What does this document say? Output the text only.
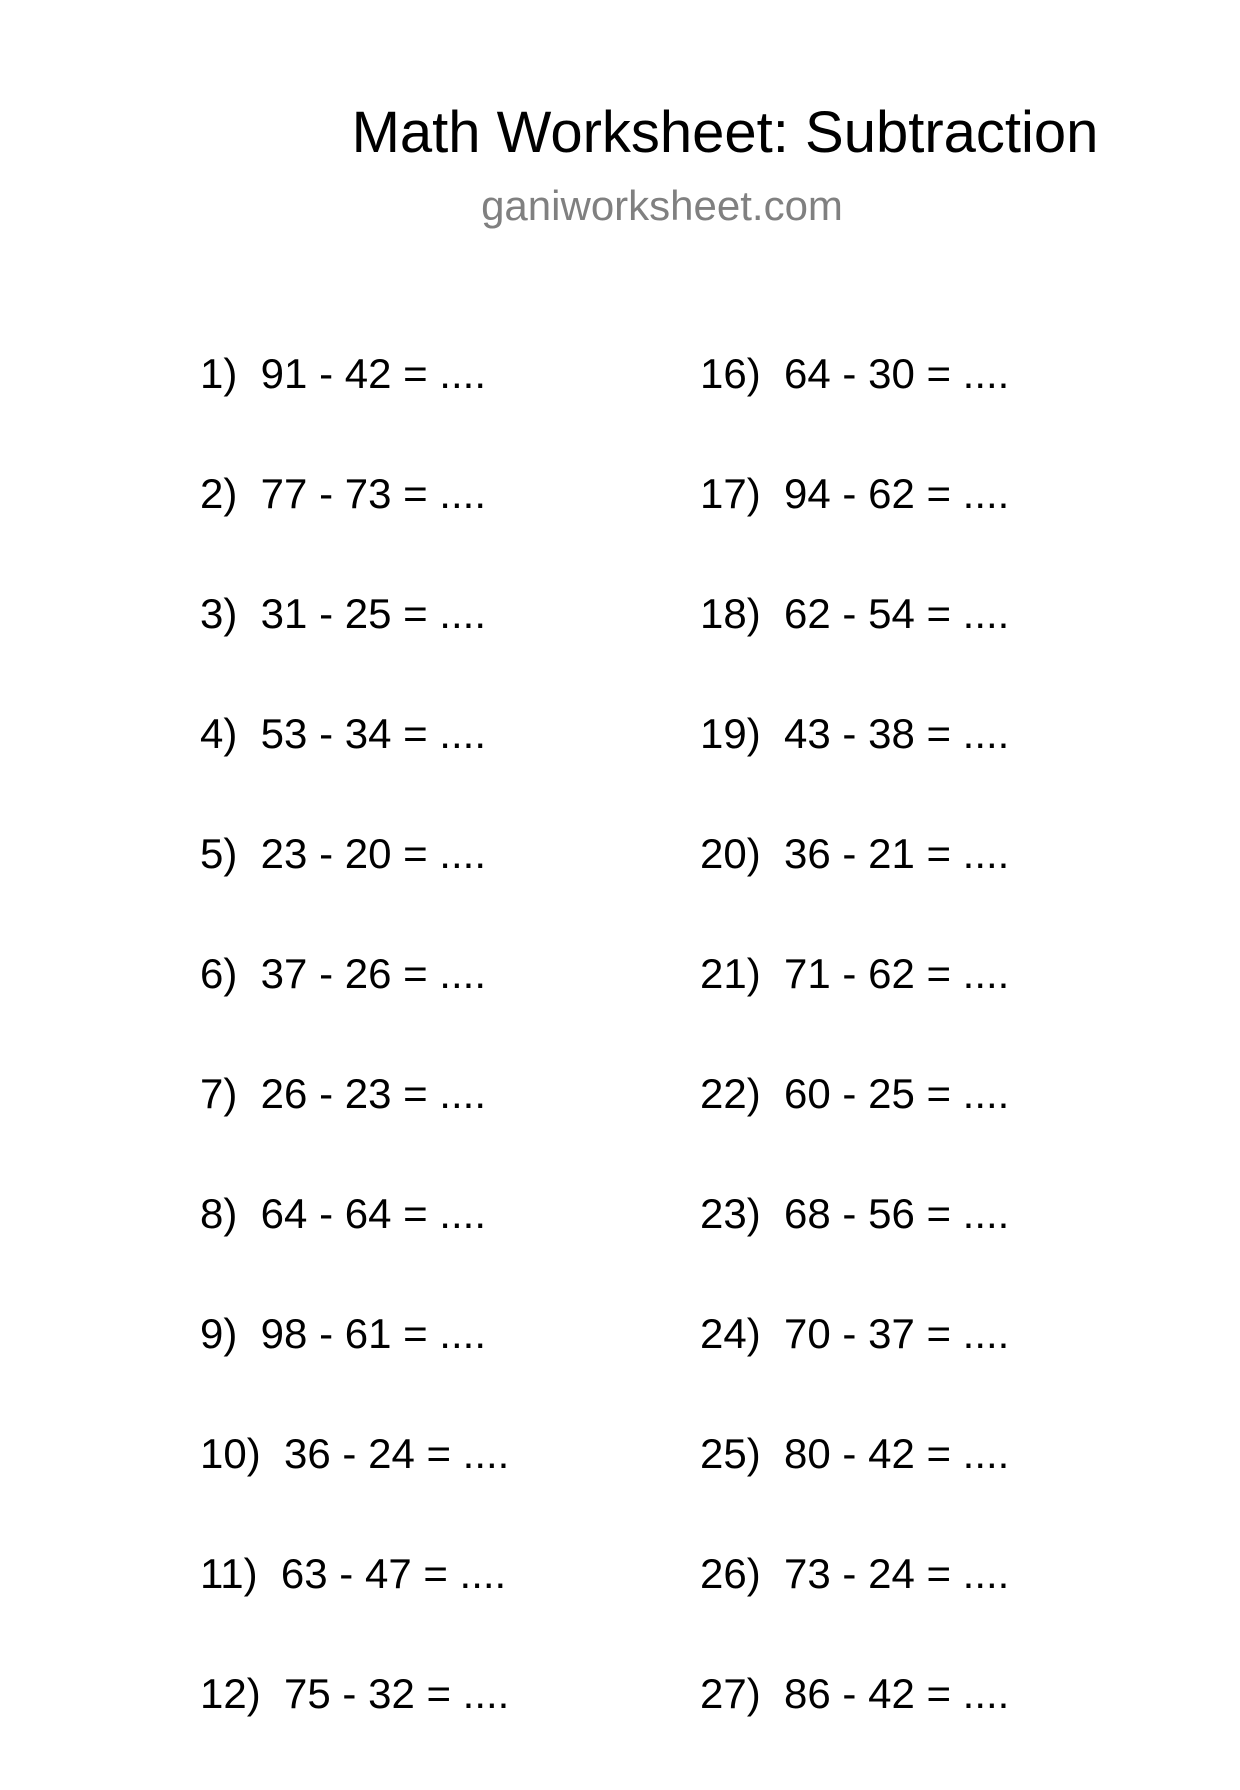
Math Worksheet: Subtraction
ganiworksheet.com
1)  91 - 42 = ....
2)  77 - 73 = ....
3)  31 - 25 = ....
4)  53 - 34 = ....
5)  23 - 20 = ....
6)  37 - 26 = ....
7)  26 - 23 = ....
8)  64 - 64 = ....
9)  98 - 61 = ....
10)  36 - 24 = ....
11)  63 - 47 = ....
12)  75 - 32 = ....
16)  64 - 30 = ....
17)  94 - 62 = ....
18)  62 - 54 = ....
19)  43 - 38 = ....
20)  36 - 21 = ....
21)  71 - 62 = ....
22)  60 - 25 = ....
23)  68 - 56 = ....
24)  70 - 37 = ....
25)  80 - 42 = ....
26)  73 - 24 = ....
27)  86 - 42 = ....
